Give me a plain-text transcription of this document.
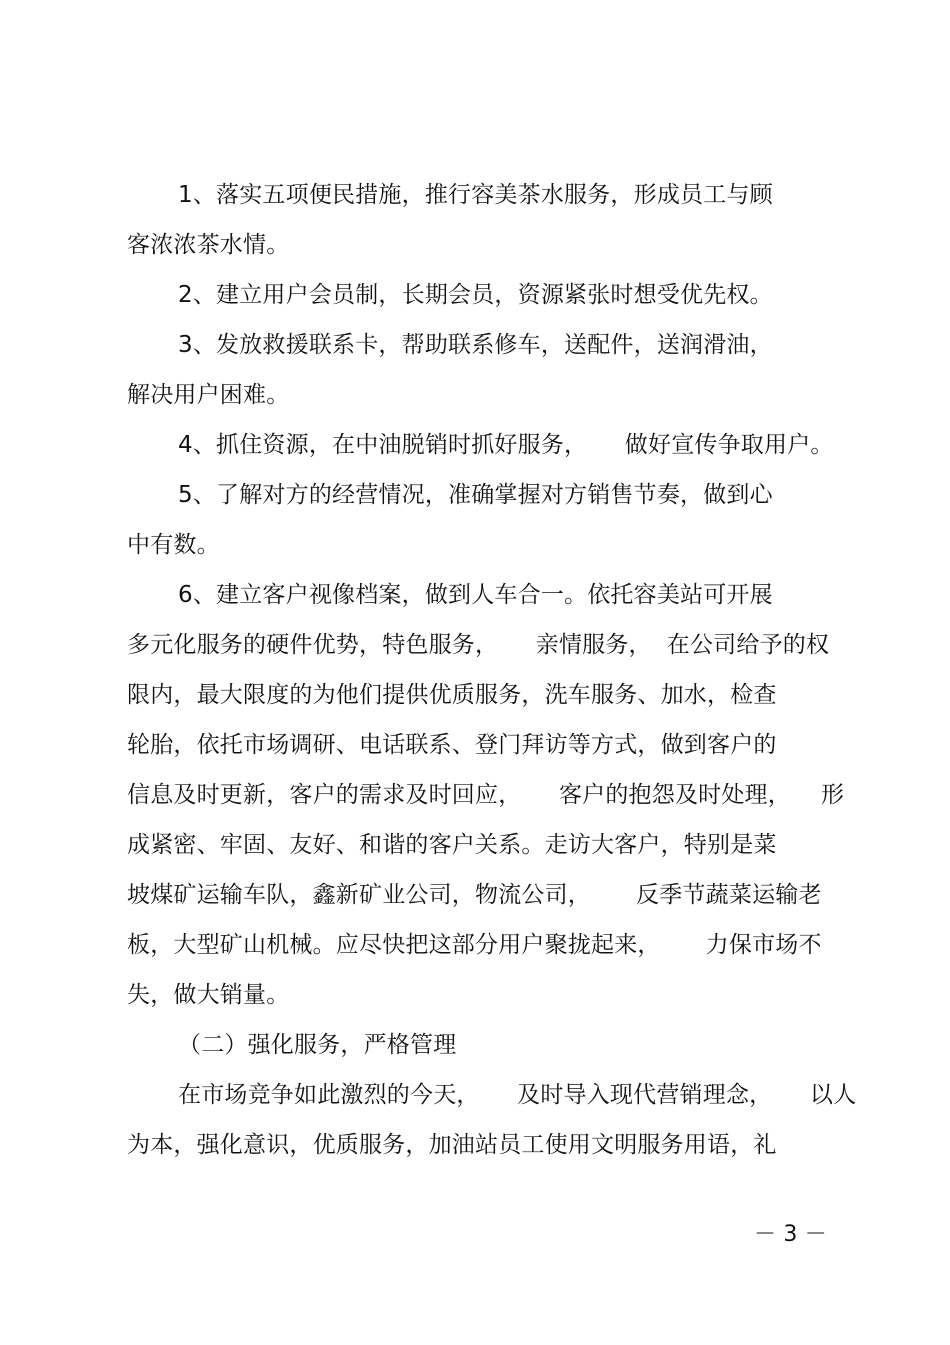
1、落实五项便民措施，推行容美茶水服务，形成员工与顾
客浓浓茶水情。
2、建立用户会员制，长期会员，资源紧张时想受优先权。
3、发放救援联系卡，帮助联系修车，送配件，送润滑油，
解决用户困难。
4、抓住资源，在中油脱销时抓好服务，     做好宣传争取用户。
5、了解对方的经营情况，准确掌握对方销售节奏，做到心
中有数。
6、建立客户视像档案，做到人车合一。依托容美站可开展
多元化服务的硬件优势，特色服务，     亲情服务，  在公司给予的权
限内，最大限度的为他们提供优质服务，洗车服务、加水，检查
轮胎，依托市场调研、电话联系、登门拜访等方式，做到客户的
信息及时更新，客户的需求及时回应，     客户的抱怨及时处理，    形
成紧密、牢固、友好、和谐的客户关系。走访大客户，特别是菜
坡煤矿运输车队，鑫新矿业公司，物流公司，      反季节蔬菜运输老
板，大型矿山机械。应尽快把这部分用户聚拢起来，      力保市场不
失，做大销量。
（二）强化服务，严格管理
在市场竞争如此激烈的今天，     及时导入现代营销理念，     以人
为本，强化意识，优质服务，加油站员工使用文明服务用语，礼
－ 3 －
